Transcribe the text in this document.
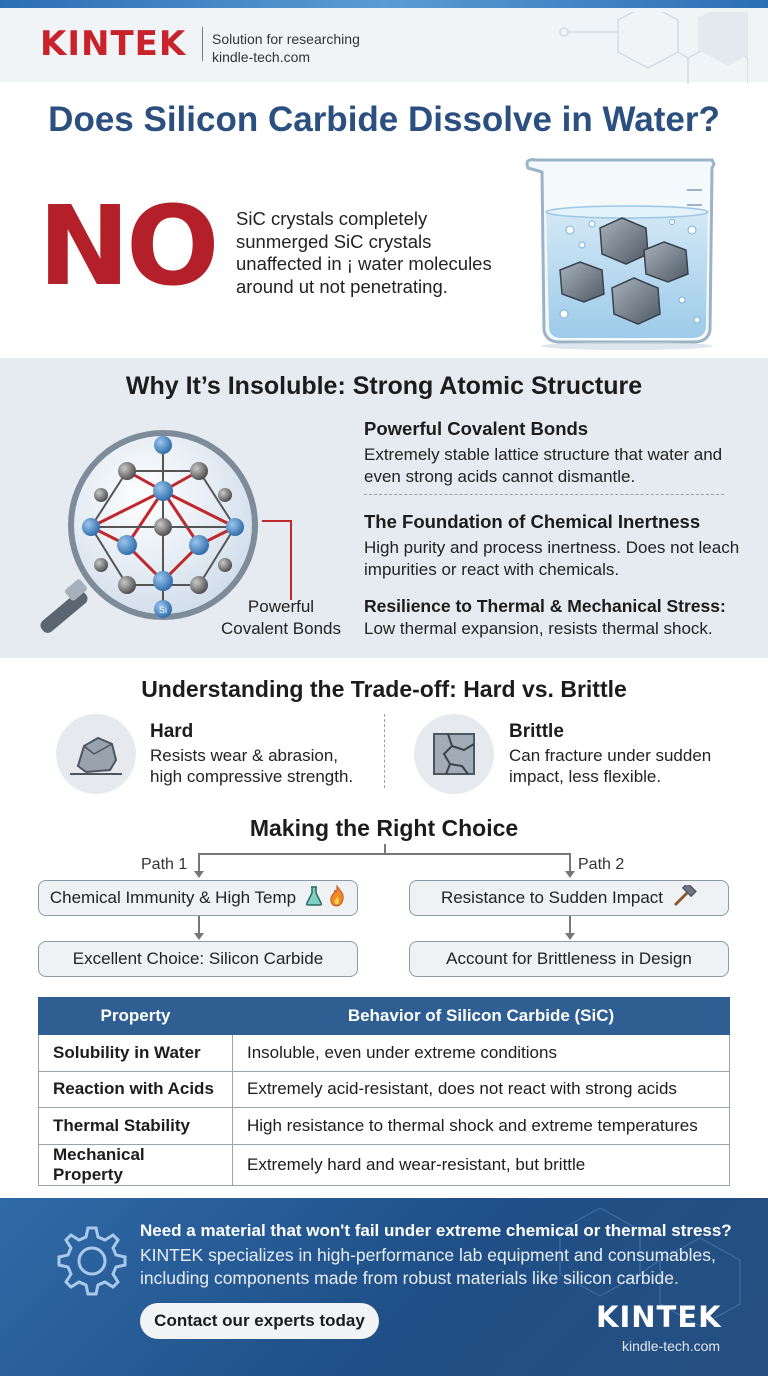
KINTEK Solution for researching
kindle-tech.com
Does Silicon Carbide Dissolve in Water?
NO SiC crystals completely
sunmerged SiC crystals
unaffected in ¡ water molecules
around ut not penetrating.
Why It’s Insoluble: Strong Atomic Structure
Si	Powerful
Covalent Bonds
Powerful Covalent Bonds

Extremely stable lattice structure that water and even strong acids cannot dismantle.

The Foundation of Chemical Inertness

High purity and process inertness. Does not leach impurities or react with chemicals.

Resilience to Thermal & Mechanical Stress:

Low thermal expansion, resists thermal shock.

Understanding the Trade-off: Hard vs. Brittle
Hard
Resists wear & abrasion,
high compressive strength.
Brittle
Can fracture under sudden
impact, less flexible.
Making the Right Choice
Path 1	Path 2
Chemical Immunity & High Temp
Excellent Choice: Silicon Carbide
Resistance to Sudden Impact
Account for Brittleness in Design
Property	Behavior of Silicon Carbide (SiC)
Solubility in Water	Insoluble, even under extreme conditions
Reaction with Acids	Extremely acid-resistant, does not react with strong acids
Thermal Stability	High resistance to thermal shock and extreme temperatures
Mechanical Property	Extremely hard and wear-resistant, but brittle
Need a material that won't fail under extreme chemical or thermal stress?
KINTEK specializes in high-performance lab equipment and consumables, including components made from robust materials like silicon carbide.
Contact our experts today	KINTEK
kindle-tech.com
